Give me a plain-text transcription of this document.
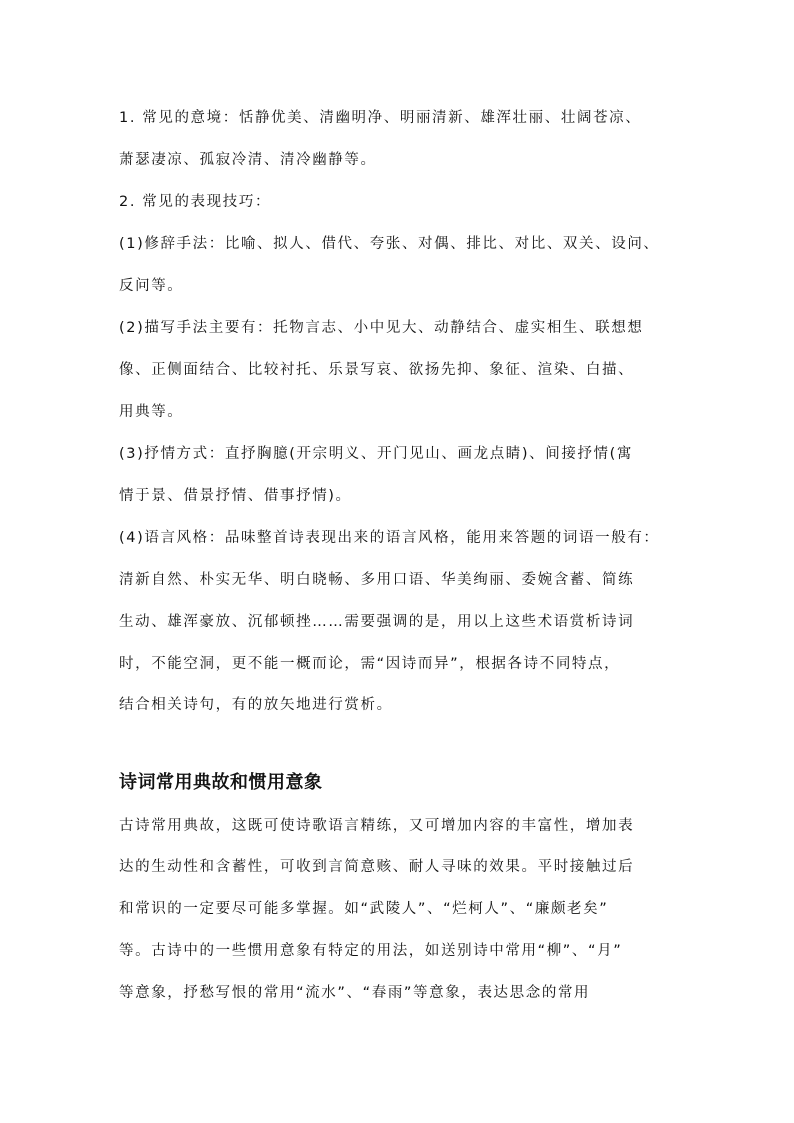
1. 常见的意境：恬静优美、清幽明净、明丽清新、雄浑壮丽、壮阔苍凉、
萧瑟凄凉、孤寂冷清、清冷幽静等。
2. 常见的表现技巧：
(1)修辞手法：比喻、拟人、借代、夸张、对偶、排比、对比、双关、设问、
反问等。
(2)描写手法主要有：托物言志、小中见大、动静结合、虚实相生、联想想
像、正侧面结合、比较衬托、乐景写哀、欲扬先抑、象征、渲染、白描、
用典等。
(3)抒情方式：直抒胸臆(开宗明义、开门见山、画龙点睛)、间接抒情(寓
情于景、借景抒情、借事抒情)。
(4)语言风格：品味整首诗表现出来的语言风格，能用来答题的词语一般有：
清新自然、朴实无华、明白晓畅、多用口语、华美绚丽、委婉含蓄、简练
生动、雄浑豪放、沉郁顿挫……需要强调的是，用以上这些术语赏析诗词
时，不能空洞，更不能一概而论，需“因诗而异”，根据各诗不同特点，
结合相关诗句，有的放矢地进行赏析。
诗词常用典故和惯用意象
古诗常用典故，这既可使诗歌语言精练，又可增加内容的丰富性，增加表
达的生动性和含蓄性，可收到言简意赅、耐人寻味的效果。平时接触过后
和常识的一定要尽可能多掌握。如“武陵人”、“烂柯人”、“廉颇老矣”
等。古诗中的一些惯用意象有特定的用法，如送别诗中常用“柳”、“月”
等意象，抒愁写恨的常用“流水”、“春雨”等意象，表达思念的常用
